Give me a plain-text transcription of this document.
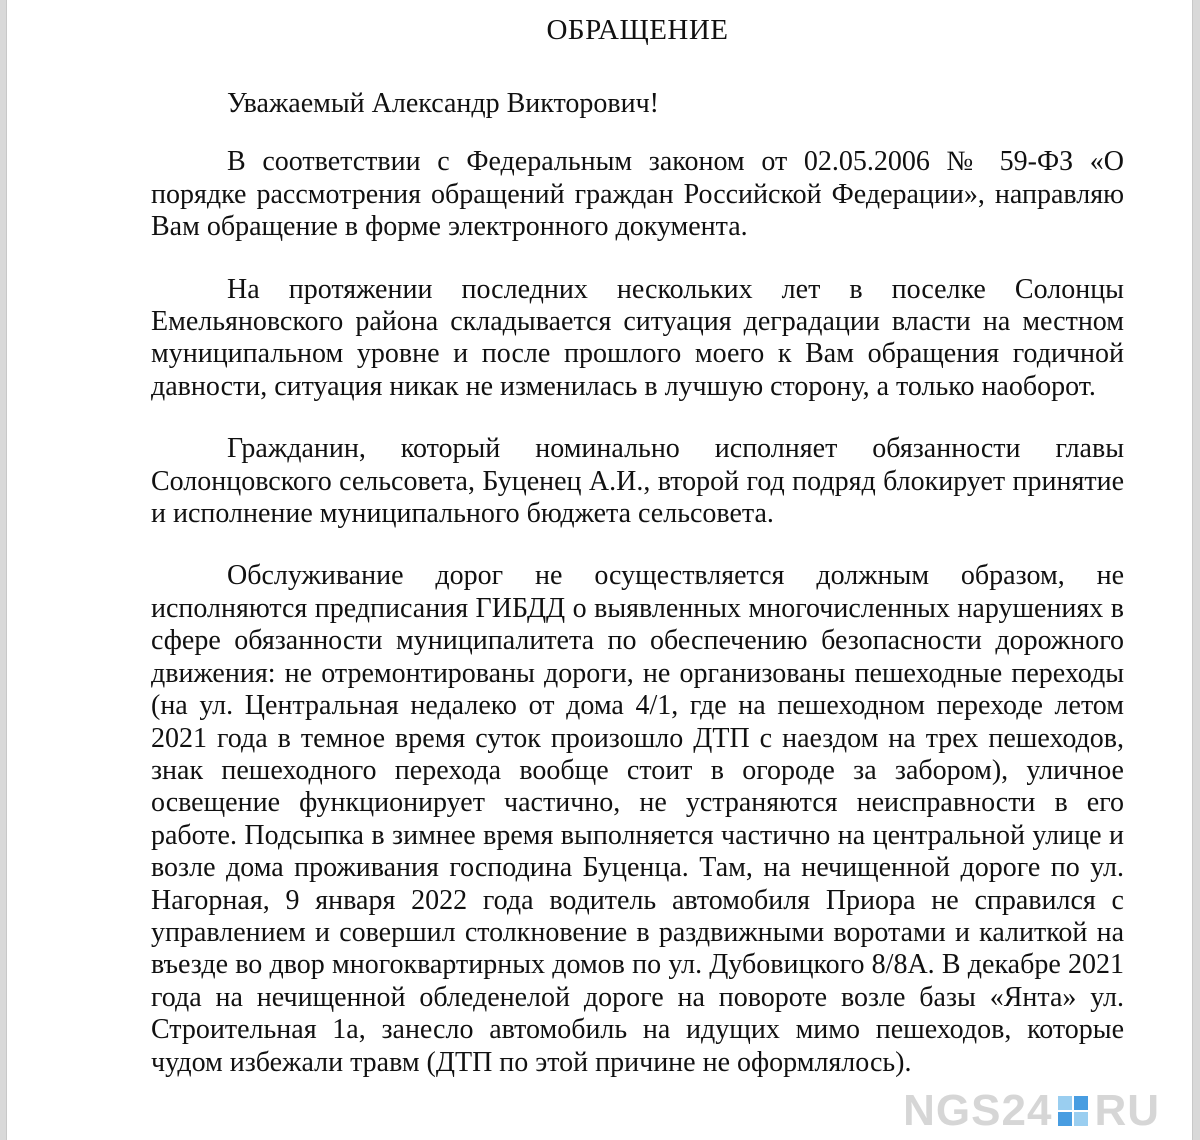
ОБРАЩЕНИЕ

Уважаемый Александр Викторович!

В соответствии с Федеральным законом от 02.05.2006 № 59-ФЗ «О порядке рассмотрения обращений граждан Российской Федерации», направляю Вам обращение в форме электронного документа.

На протяжении последних нескольких лет в поселке Солонцы Емельяновского района складывается ситуация деградации власти на местном муниципальном уровне и после прошлого моего к Вам обращения годичной давности, ситуация никак не изменилась в лучшую сторону, а только наоборот.

Гражданин, который номинально исполняет обязанности главы Солонцовского сельсовета, Буценец А.И., второй год подряд блокирует принятие и исполнение муниципального бюджета сельсовета.

Обслуживание дорог не осуществляется должным образом, не исполняются предписания ГИБДД о выявленных многочисленных нарушениях в сфере обязанности муниципалитета по обеспечению безопасности дорожного движения: не отремонтированы дороги, не организованы пешеходные переходы (на ул. Центральная недалеко от дома 4/1, где на пешеходном переходе летом 2021 года в темное время суток произошло ДТП с наездом на трех пешеходов, знак пешеходного перехода вообще стоит в огороде за забором), уличное освещение функционирует частично, не устраняются неисправности в его работе. Подсыпка в зимнее время выполняется частично на центральной улице и возле дома проживания господина Буценца. Там, на нечищенной дороге по ул. Нагорная, 9 января 2022 года водитель автомобиля Приора не справился с управлением и совершил столкновение в раздвижными воротами и калиткой на въезде во двор многоквартирных домов по ул. Дубовицкого 8/8А. В декабре 2021 года на нечищенной обледенелой дороге на повороте возле базы «Янта» ул. Строительная 1а, занесло автомобиль на идущих мимо пешеходов, которые чудом избежали травм (ДТП по этой причине не оформлялось).

NGS24 RU
